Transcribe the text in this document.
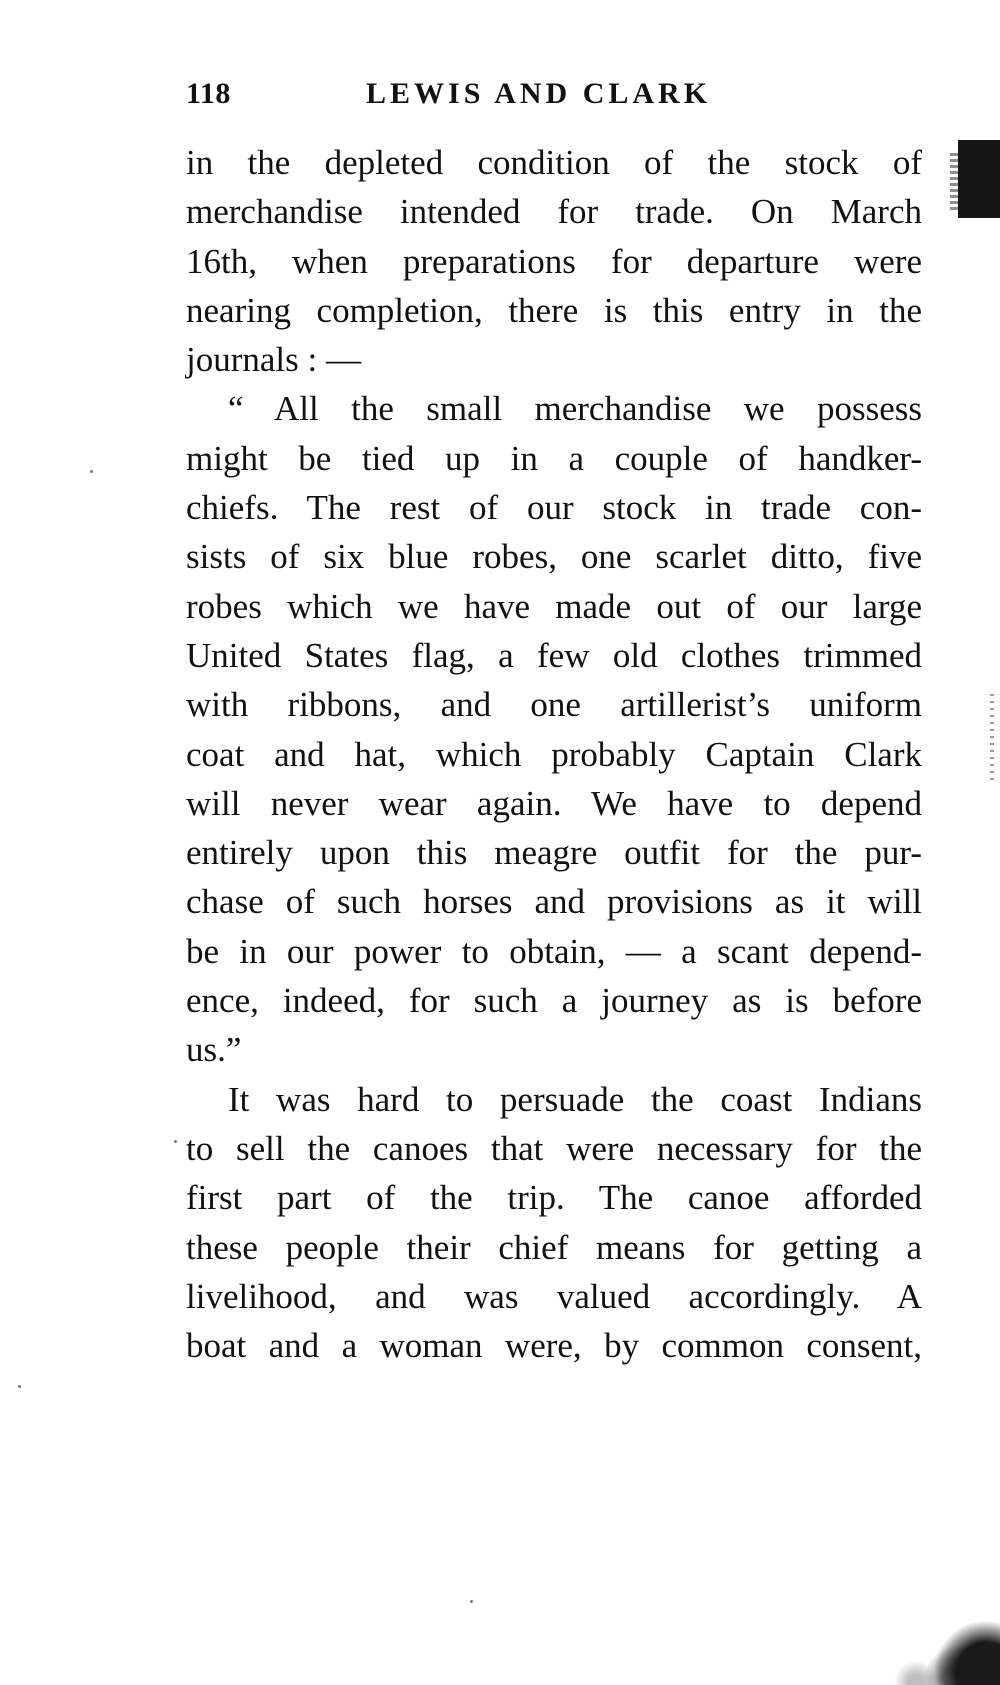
118	LEWIS AND CLARK
in the depleted condition of the stock of
merchandise intended for trade. On March
16th, when preparations for departure were
nearing completion, there is this entry in the
journals : —
“ All the small merchandise we possess
might be tied up in a couple of handker-
chiefs. The rest of our stock in trade con-
sists of six blue robes, one scarlet ditto, five
robes which we have made out of our large
United States flag, a few old clothes trimmed
with ribbons, and one artillerist’s uniform
coat and hat, which probably Captain Clark
will never wear again. We have to depend
entirely upon this meagre outfit for the pur-
chase of such horses and provisions as it will
be in our power to obtain, — a scant depend-
ence, indeed, for such a journey as is before
us.”
It was hard to persuade the coast Indians
to sell the canoes that were necessary for the
first part of the trip. The canoe afforded
these people their chief means for getting a
livelihood, and was valued accordingly. A
boat and a woman were, by common consent,
